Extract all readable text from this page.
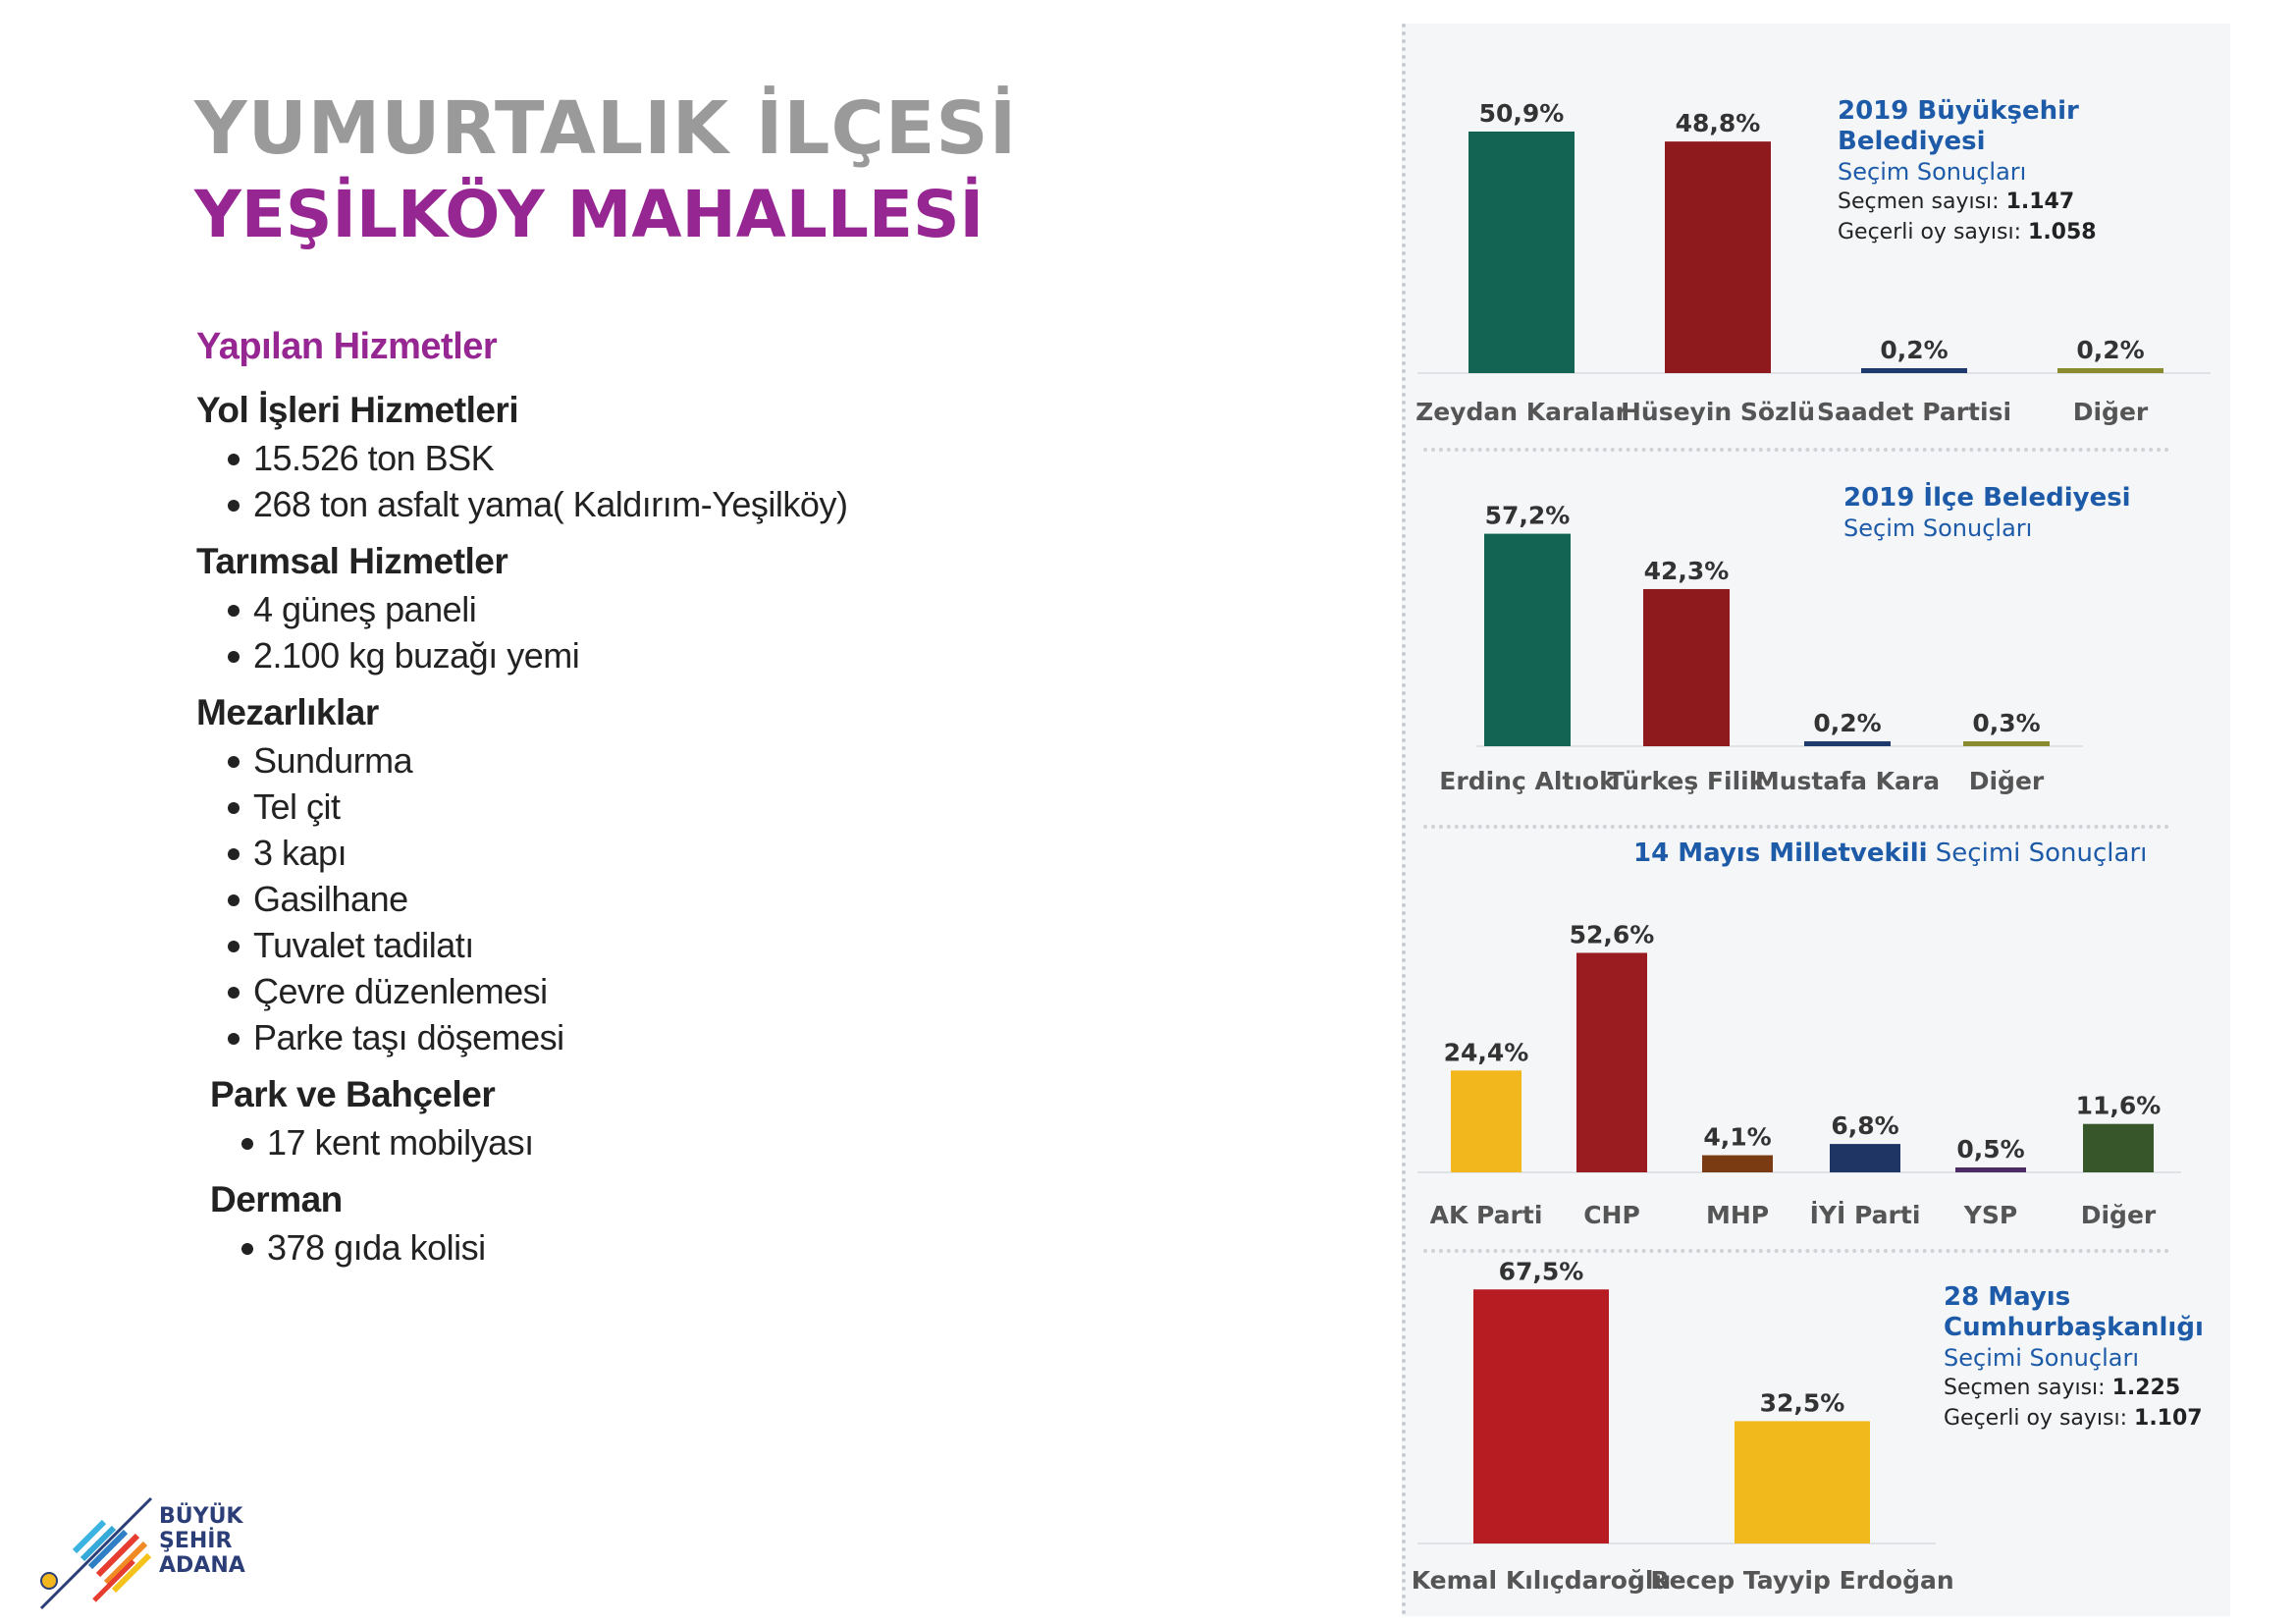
YUMURTALIK İLÇESİ
YEŞİLKÖY MAHALLESİ
Yapılan Hizmetler
Yol İşleri Hizmetleri
15.526 ton BSK
268 ton asfalt yama( Kaldırım-Yeşilköy)
Tarımsal Hizmetler
4 güneş paneli
2.100 kg buzağı yemi
Mezarlıklar
Sundurma
Tel çit
3 kapı
Gasilhane
Tuvalet tadilatı
Çevre düzenlemesi
Parke taşı döşemesi
Park ve Bahçeler
17 kent mobilyası
Derman
378 gıda kolisi
BÜYÜK
ŞEHİR
ADANA
50,9%
Zeydan Karalar
48,8%
Hüseyin Sözlü
0,2%
Saadet Partisi
0,2%
Diğer
57,2%
Erdinç Altıok
42,3%
Türkeş Filik
0,2%
Mustafa Kara
0,3%
Diğer
24,4%
AK Parti
52,6%
CHP
4,1%
MHP
6,8%
İYİ Parti
0,5%
YSP
11,6%
Diğer
67,5%
Kemal Kılıçdaroğlu
32,5%
Recep Tayyip Erdoğan
2019 Büyükşehir Belediyesi
Seçim Sonuçları
Seçmen sayısı: 1.147
Geçerli oy sayısı: 1.058
2019 İlçe Belediyesi
Seçim Sonuçları
14 Mayıs Milletvekili Seçimi Sonuçları
28 Mayıs
Cumhurbaşkanlığı
Seçimi Sonuçları
Seçmen sayısı: 1.225
Geçerli oy sayısı: 1.107
